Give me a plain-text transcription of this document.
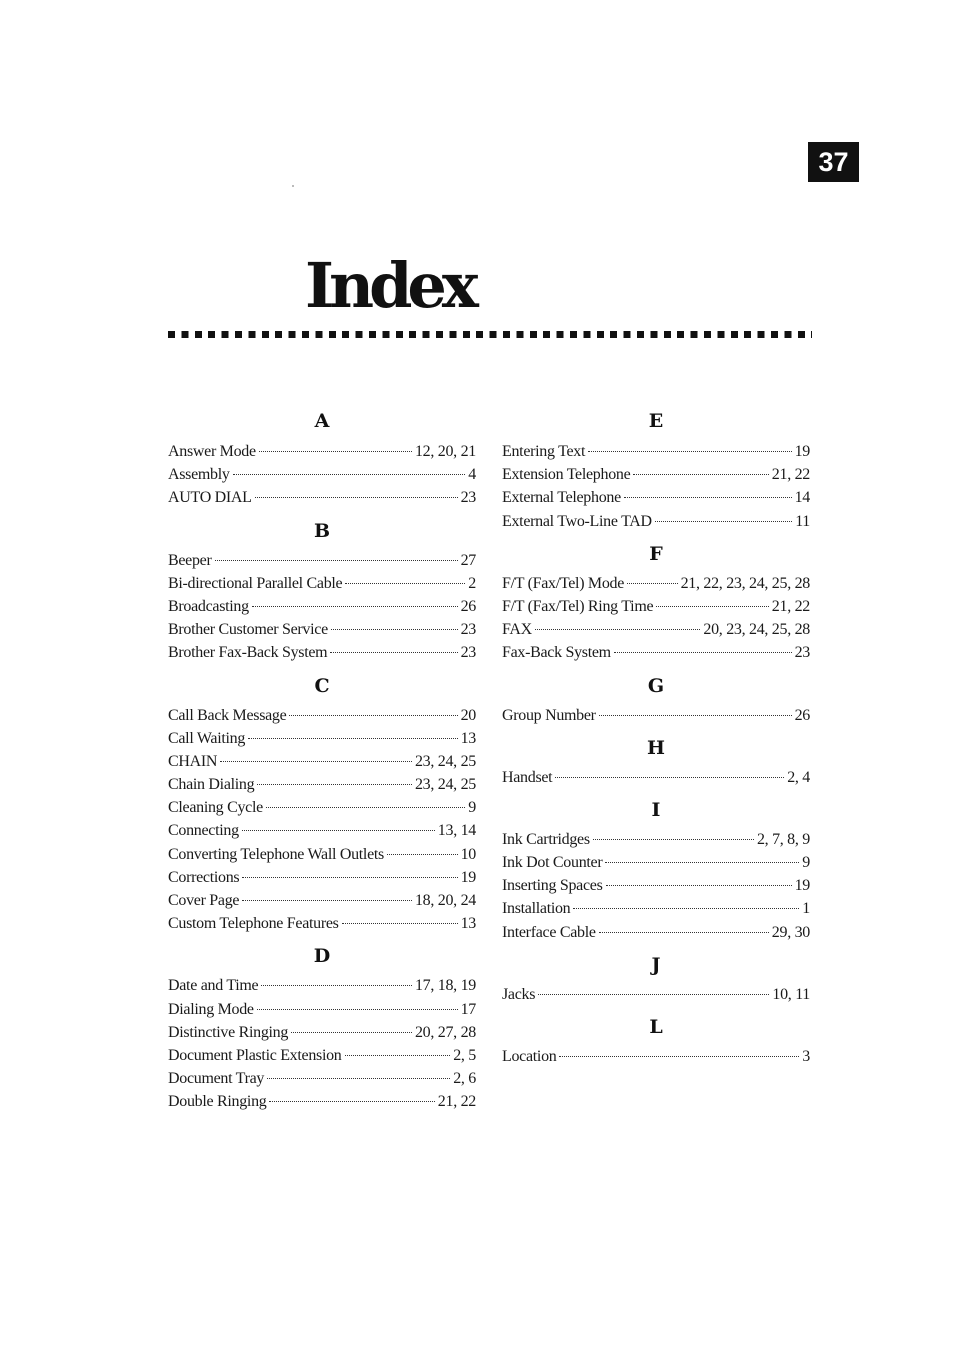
37
Index
A
Answer Mode	12, 20, 21
Assembly	4
AUTO DIAL	23
B
Beeper	27
Bi-directional Parallel Cable	2
Broadcasting	26
Brother Customer Service	23
Brother Fax-Back System	23
C
Call Back Message	20
Call Waiting	13
CHAIN	23, 24, 25
Chain Dialing	23, 24, 25
Cleaning Cycle	9
Connecting	13, 14
Converting Telephone Wall Outlets	10
Corrections	19
Cover Page	18, 20, 24
Custom Telephone Features	13
D
Date and Time	17, 18, 19
Dialing Mode	17
Distinctive Ringing	20, 27, 28
Document Plastic Extension	2, 5
Document Tray	2, 6
Double Ringing	21, 22
E
Entering Text	19
Extension Telephone	21, 22
External Telephone	14
External Two-Line TAD	11
F
F/T (Fax/Tel) Mode	21, 22, 23, 24, 25, 28
F/T (Fax/Tel) Ring Time	21, 22
FAX	20, 23, 24, 25, 28
Fax-Back System	23
G
Group Number	26
H
Handset	2, 4
I
Ink Cartridges	2, 7, 8, 9
Ink Dot Counter	9
Inserting Spaces	19
Installation	1
Interface Cable	29, 30
J
Jacks	10, 11
L
Location	3
